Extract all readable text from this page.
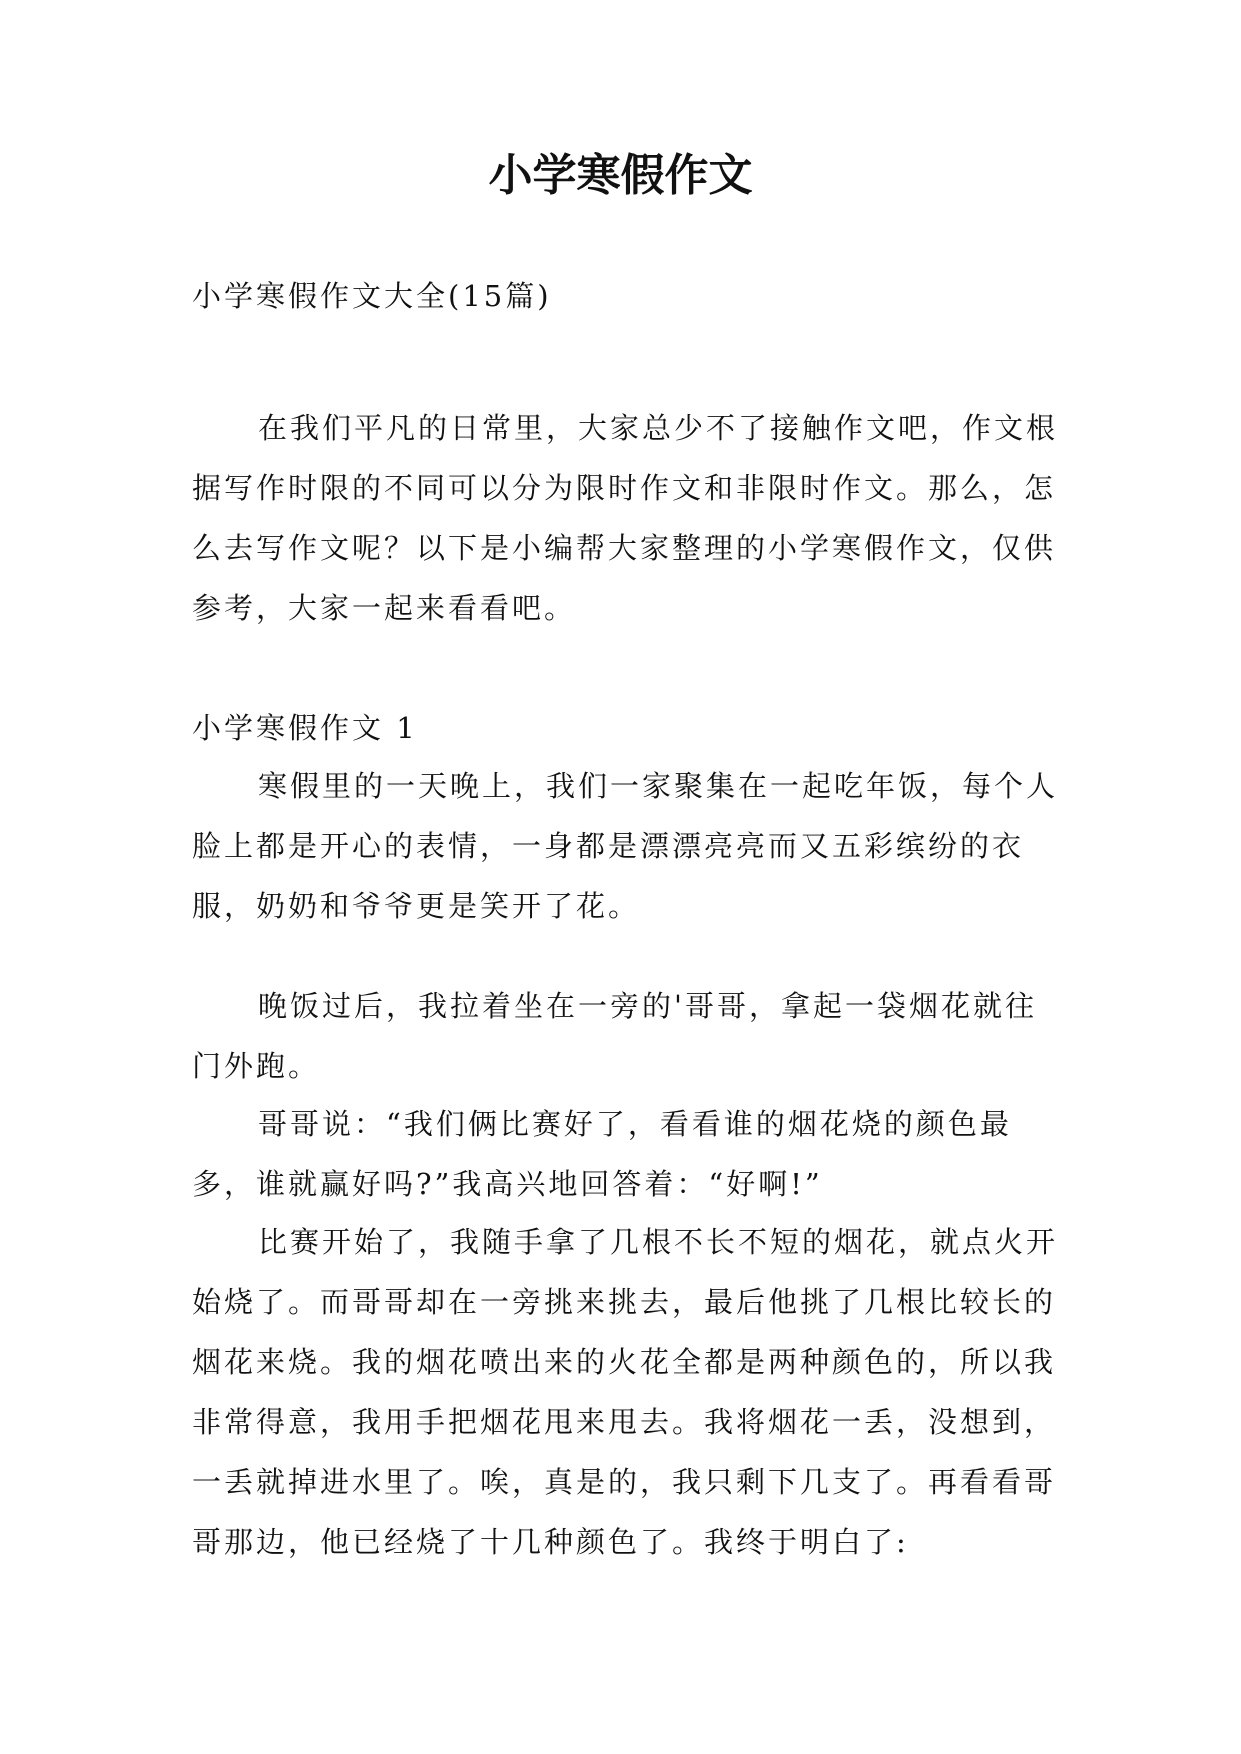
小学寒假作文

小学寒假作文大全(15篇)

在我们平凡的日常里，大家总少不了接触作文吧，作文根据写作时限的不同可以分为限时作文和非限时作文。那么，怎么去写作文呢？以下是小编帮大家整理的小学寒假作文，仅供参考，大家一起来看看吧。

小学寒假作文 1

寒假里的一天晚上，我们一家聚集在一起吃年饭，每个人脸上都是开心的表情，一身都是漂漂亮亮而又五彩缤纷的衣服，奶奶和爷爷更是笑开了花。

晚饭过后，我拉着坐在一旁的'哥哥，拿起一袋烟花就往门外跑。

哥哥说：“我们俩比赛好了，看看谁的烟花烧的颜色最多，谁就赢好吗?”我高兴地回答着：“好啊!”

比赛开始了，我随手拿了几根不长不短的烟花，就点火开始烧了。而哥哥却在一旁挑来挑去，最后他挑了几根比较长的烟花来烧。我的烟花喷出来的火花全都是两种颜色的，所以我非常得意，我用手把烟花甩来甩去。我将烟花一丢，没想到，一丢就掉进水里了。唉，真是的，我只剩下几支了。再看看哥哥那边，他已经烧了十几种颜色了。我终于明白了:
